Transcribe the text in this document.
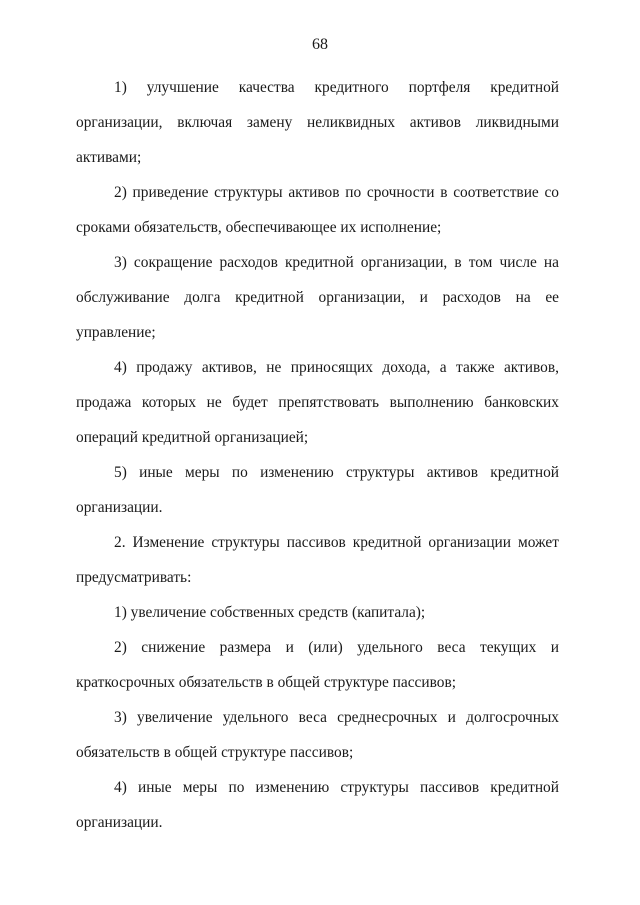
68

1) улучшение качества кредитного портфеля кредитной организации, включая замену неликвидных активов ликвидными активами;

2) приведение структуры активов по срочности в соответствие со сроками обязательств, обеспечивающее их исполнение;

3) сокращение расходов кредитной организации, в том числе на обслуживание долга кредитной организации, и расходов на ее управление;

4) продажу активов, не приносящих дохода, а также активов, продажа которых не будет препятствовать выполнению банковских операций кредитной организацией;

5) иные меры по изменению структуры активов кредитной организации.

2. Изменение структуры пассивов кредитной организации может предусматривать:

1) увеличение собственных средств (капитала);

2) снижение размера и (или) удельного веса текущих и краткосрочных обязательств в общей структуре пассивов;

3) увеличение удельного веса среднесрочных и долгосрочных обязательств в общей структуре пассивов;

4) иные меры по изменению структуры пассивов кредитной организации.
